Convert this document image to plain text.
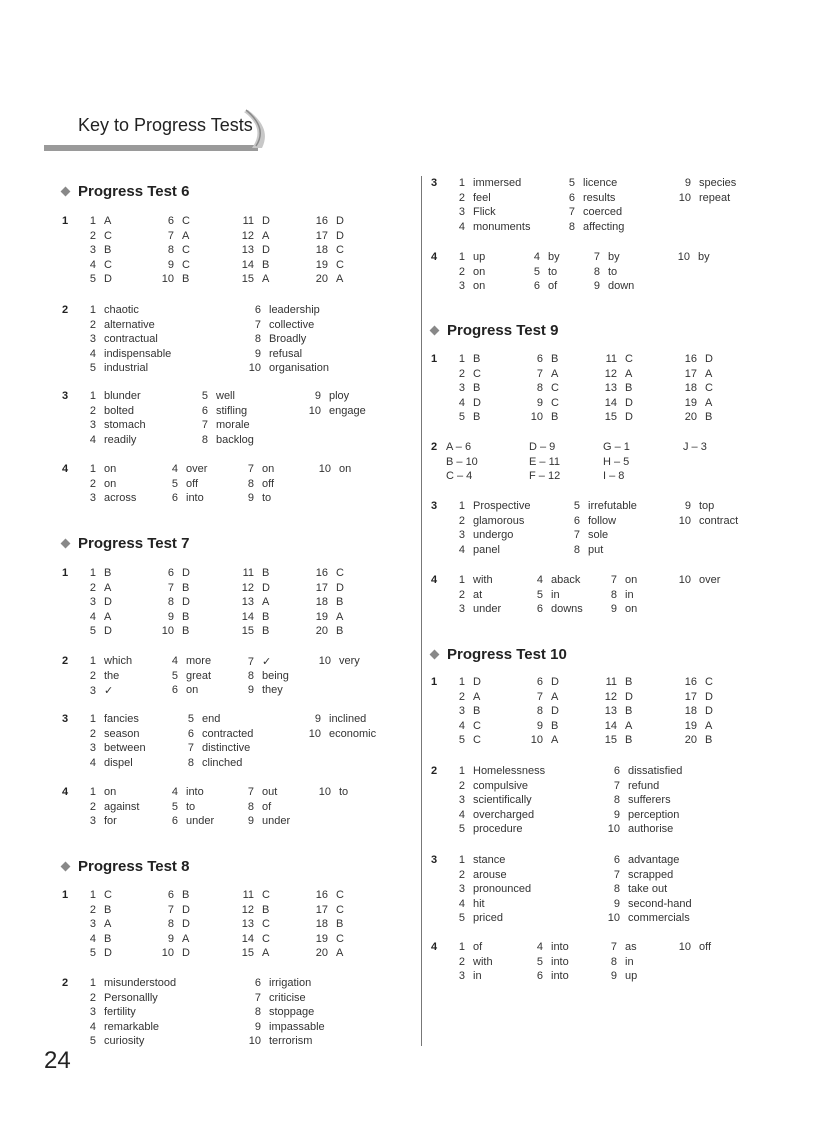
Key to Progress Tests
Progress Test 6
1	1 A	6 C	11 D	16 D
2 C	7 A	12 A	17 D
3 B	8 C	13 D	18 C
4 C	9 C	14 B	19 C
5 D	10 B	15 A	20 A
2	1 chaotic	6 leadership
2 alternative	7 collective
3 contractual	8 Broadly
4 indispensable	9 refusal
5 industrial	10 organisation
3	1 blunder	5 well	9 ploy
2 bolted	6 stifling	10 engage
3 stomach	7 morale
4 readily	8 backlog
4	1 on	4 over	7 on	10 on
2 on	5 off	8 off
3 across	6 into	9 to
Progress Test 7
1	1 B	6 D	11 B	16 C
2 A	7 B	12 D	17 D
3 D	8 D	13 A	18 B
4 A	9 B	14 B	19 A
5 D	10 B	15 B	20 B
2	1 which	4 more	7 ✓	10 very
2 the	5 great	8 being
3 ✓	6 on	9 they
3	1 fancies	5 end	9 inclined
2 season	6 contracted	10 economic
3 between	7 distinctive
4 dispel	8 clinched
4	1 on	4 into	7 out	10 to
2 against	5 to	8 of
3 for	6 under	9 under
Progress Test 8
1	1 C	6 B	11 C	16 C
2 B	7 D	12 B	17 C
3 A	8 D	13 C	18 B
4 B	9 A	14 C	19 C
5 D	10 D	15 A	20 A
2	1 misunderstood	6 irrigation
2 Personallly	7 criticise
3 fertility	8 stoppage
4 remarkable	9 impassable
5 curiosity	10 terrorism
3	1 immersed	5 licence	9 species
2 feel	6 results	10 repeat
3 Flick	7 coerced
4 monuments	8 affecting
4	1 up	4 by	7 by	10 by
2 on	5 to	8 to
3 on	6 of	9 down
Progress Test 9
1	1 B	6 B	11 C	16 D
2 C	7 A	12 A	17 A
3 B	8 C	13 B	18 C
4 D	9 C	14 D	19 A
5 B	10 B	15 D	20 B
2 A – 6	D – 9	G – 1	J – 3
B – 10	E – 11	H – 5
C – 4	F – 12	I – 8
3	1 Prospective	5 irrefutable	9 top
2 glamorous	6 follow	10 contract
3 undergo	7 sole
4 panel	8 put
4	1 with	4 aback	7 on	10 over
2 at	5 in	8 in
3 under	6 downs	9 on
Progress Test 10
1	1 D	6 D	11 B	16 C
2 A	7 A	12 D	17 D
3 B	8 D	13 B	18 D
4 C	9 B	14 A	19 A
5 C	10 A	15 B	20 B
2	1 Homelessness	6 dissatisfied
2 compulsive	7 refund
3 scientifically	8 sufferers
4 overcharged	9 perception
5 procedure	10 authorise
3	1 stance	6 advantage
2 arouse	7 scrapped
3 pronounced	8 take out
4 hit	9 second-hand
5 priced	10 commercials
4	1 of	4 into	7 as	10 off
2 with	5 into	8 in
3 in	6 into	9 up
24
